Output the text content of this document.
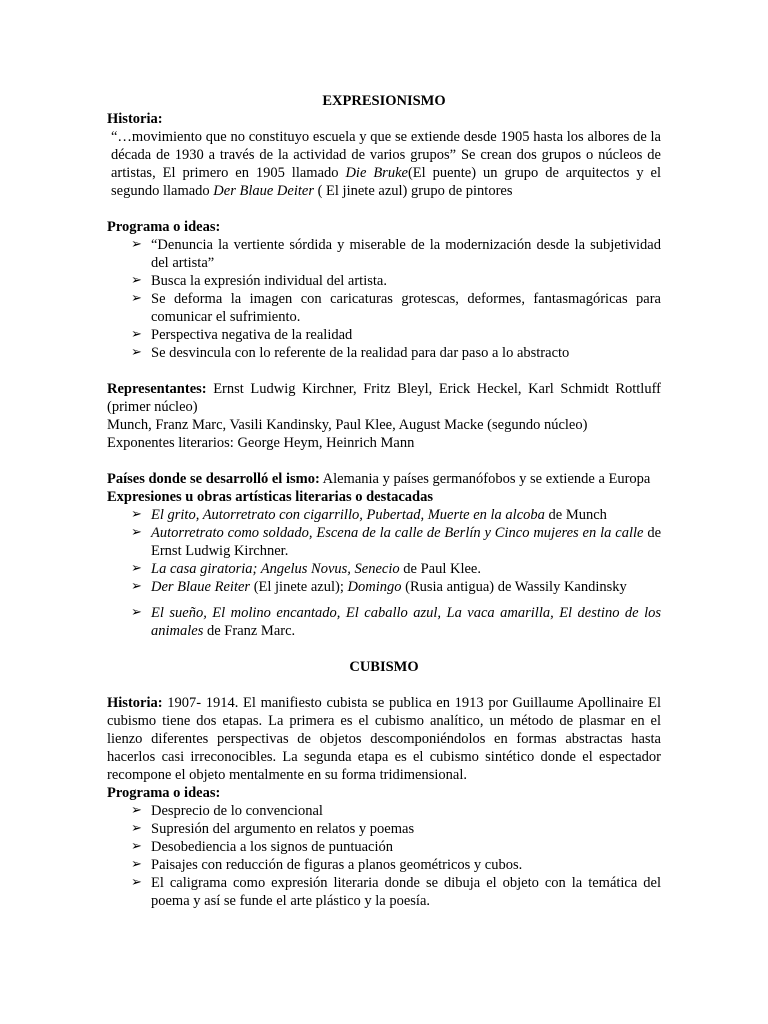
EXPRESIONISMO

Historia:

“…movimiento que no constituyo escuela y que se extiende desde 1905 hasta los albores de la década de 1930 a través de la actividad de varios grupos” Se crean dos grupos o núcleos de artistas, El primero en 1905 llamado Die Bruke(El puente) un grupo de arquitectos y el segundo llamado Der Blaue Deiter ( El jinete azul) grupo de pintores

Programa o ideas:

➢ “Denuncia la vertiente sórdida y miserable de la modernización desde la subjetividad del artista”
➢ Busca la expresión individual del artista.
➢ Se deforma la imagen con caricaturas grotescas, deformes, fantasmagóricas para comunicar el sufrimiento.
➢ Perspectiva negativa de la realidad
➢ Se desvincula con lo referente de la realidad para dar paso a lo abstracto

Representantes: Ernst Ludwig Kirchner, Fritz Bleyl, Erick Heckel, Karl Schmidt Rottluff (primer núcleo)

Munch, Franz Marc, Vasili Kandinsky, Paul Klee, August Macke (segundo núcleo)

Exponentes literarios: George Heym, Heinrich Mann

Países donde se desarrolló el ismo: Alemania y países germanófobos y se extiende a Europa

Expresiones u obras artísticas literarias o destacadas

➢ El grito, Autorretrato con cigarrillo, Pubertad, Muerte en la alcoba de Munch
➢ Autorretrato como soldado, Escena de la calle de Berlín y Cinco mujeres en la calle de Ernst Ludwig Kirchner.
➢ La casa giratoria; Angelus Novus, Senecio de Paul Klee.
➢ Der Blaue Reiter (El jinete azul); Domingo (Rusia antigua) de Wassily Kandinsky
➢ El sueño, El molino encantado, El caballo azul, La vaca amarilla, El destino de los animales de Franz Marc.
CUBISMO

Historia: 1907- 1914. El manifiesto cubista se publica en 1913 por Guillaume Apollinaire El cubismo tiene dos etapas. La primera es el cubismo analítico, un método de plasmar en el lienzo diferentes perspectivas de objetos descomponiéndolos en formas abstractas hasta hacerlos casi irreconocibles. La segunda etapa es el cubismo sintético donde el espectador recompone el objeto mentalmente en su forma tridimensional.

Programa o ideas:

➢ Desprecio de lo convencional
➢ Supresión del argumento en relatos y poemas
➢ Desobediencia a los signos de puntuación
➢ Paisajes con reducción de figuras a planos geométricos y cubos.
➢ El caligrama como expresión literaria donde se dibuja el objeto con la temática del poema y así se funde el arte plástico y la poesía.
